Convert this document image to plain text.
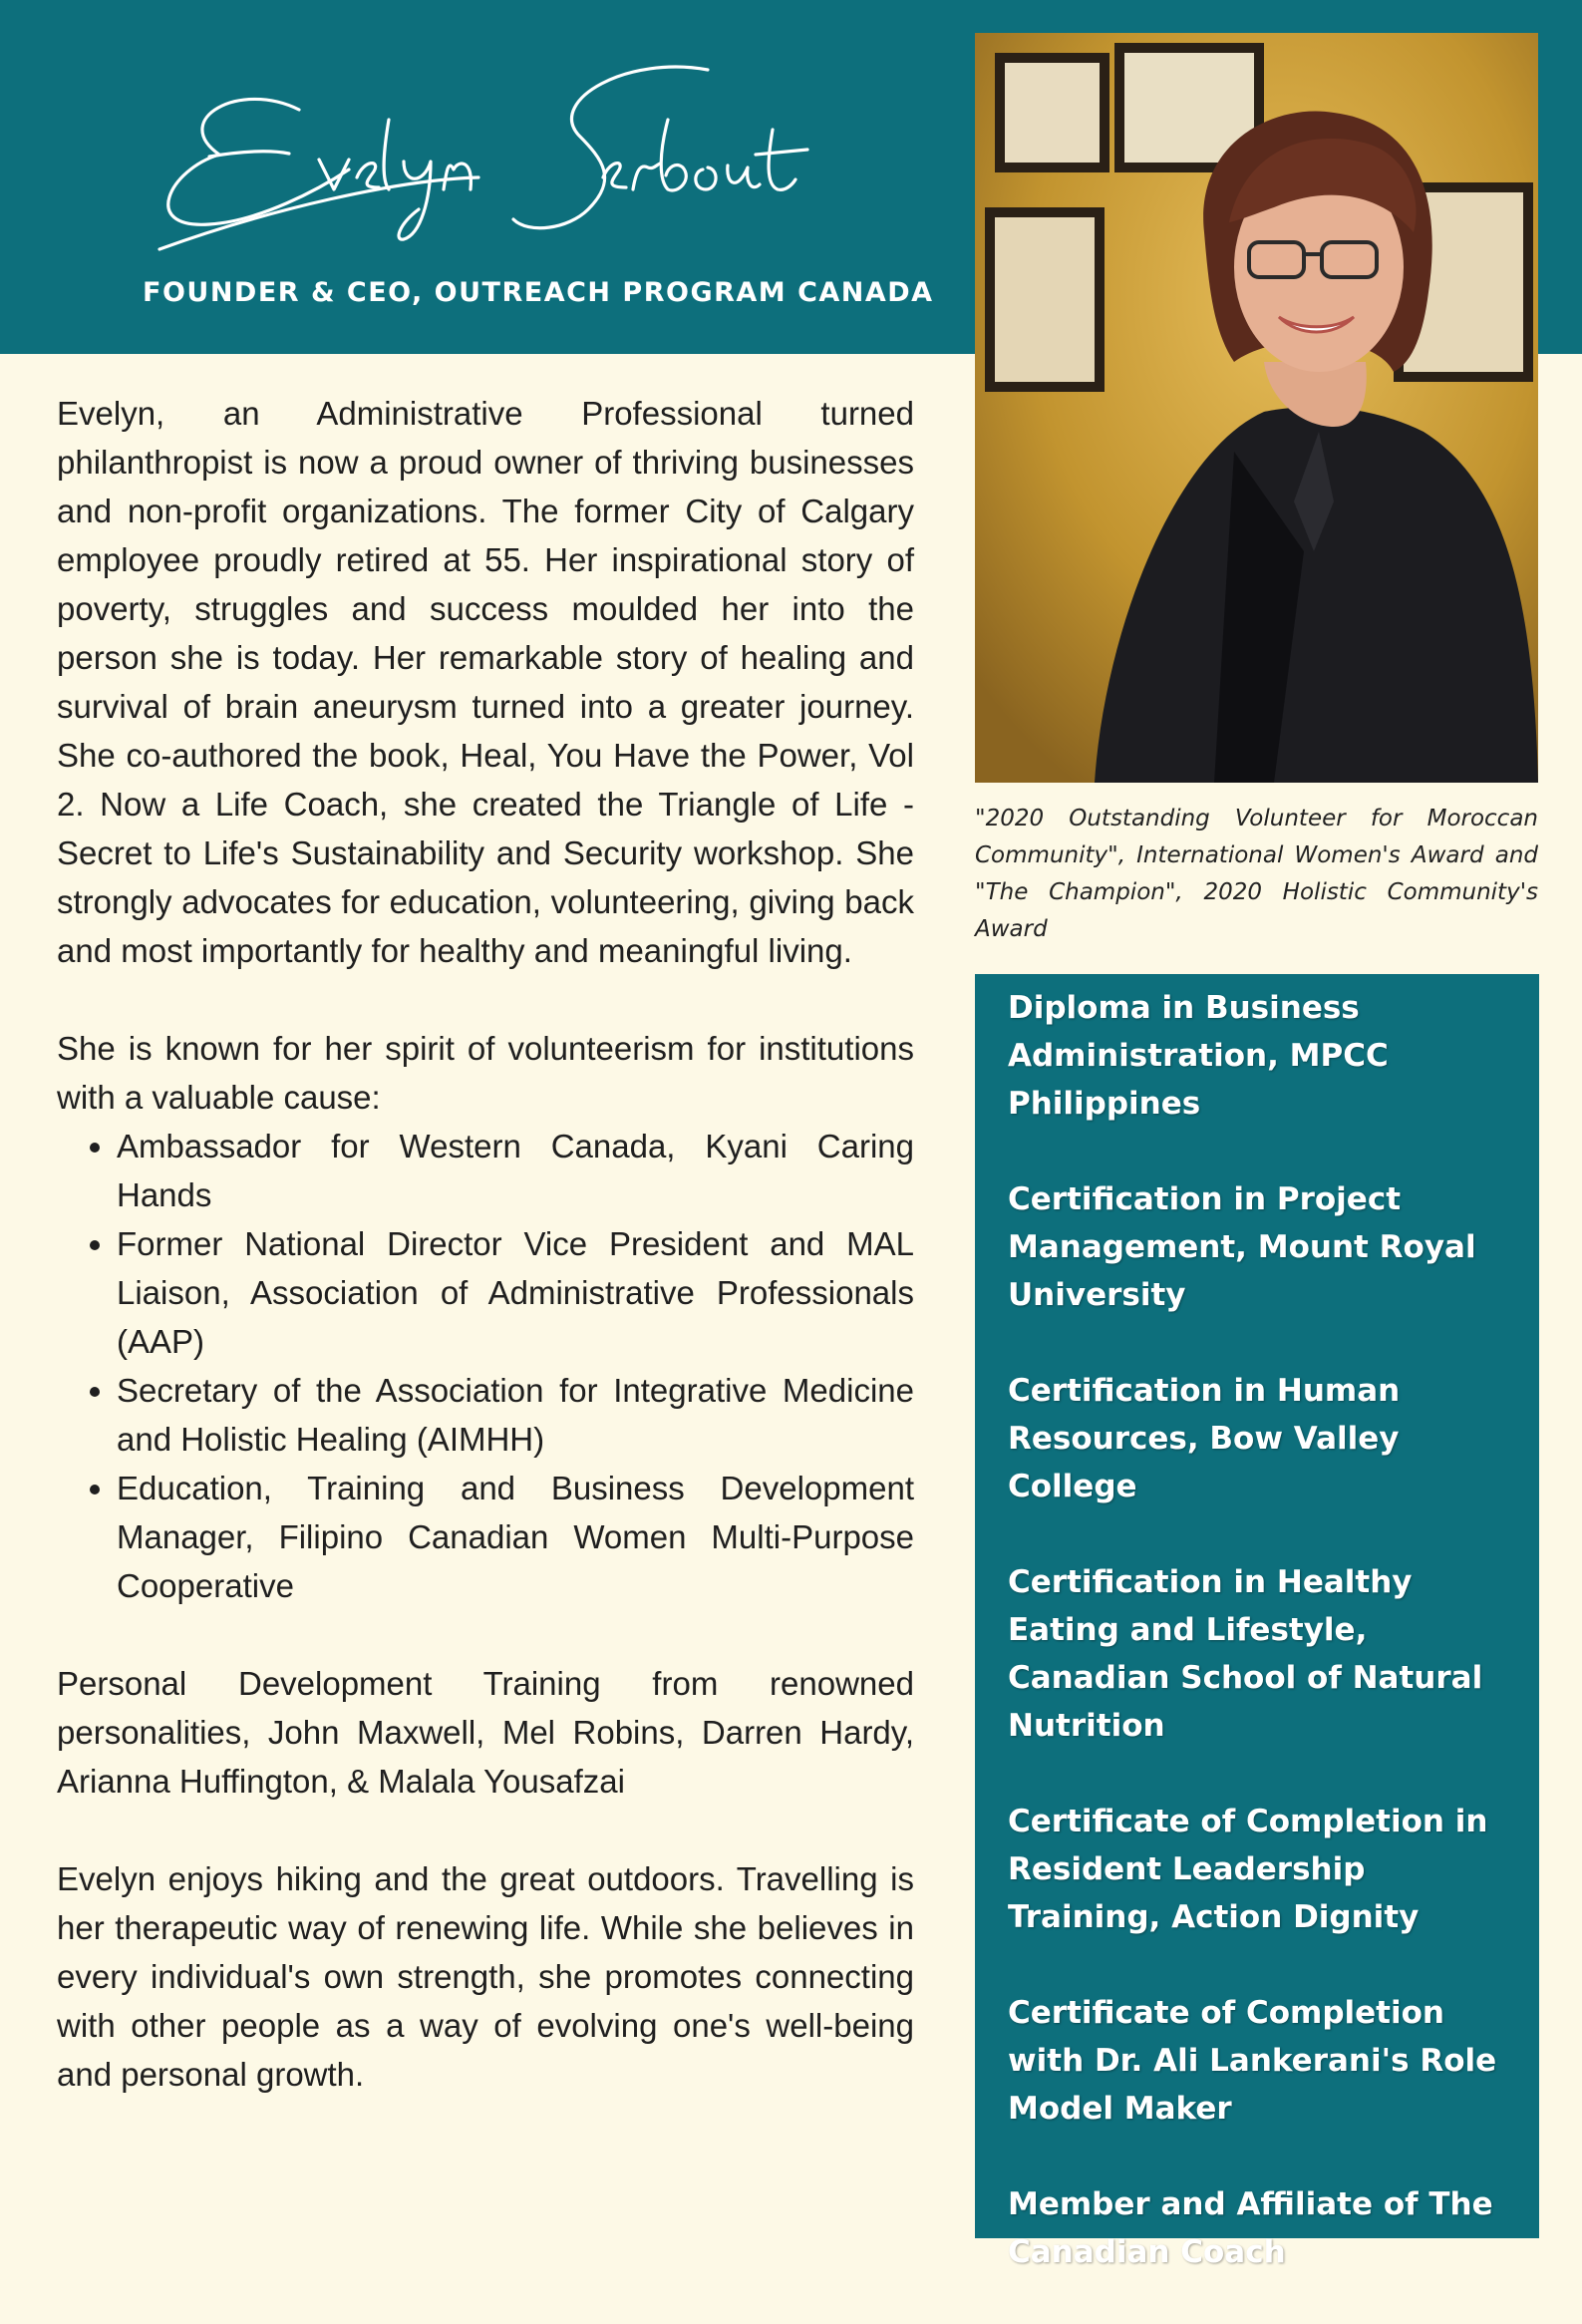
FOUNDER & CEO, OUTREACH PROGRAM CANADA
"2020 Outstanding Volunteer for Moroccan Community", International Women's Award and "The Champion", 2020 Holistic Community's Award

Evelyn, an Administrative Professional turned philanthropist is now a proud owner of thriving businesses and non-profit organizations. The former City of Calgary employee proudly retired at 55. Her inspirational story of poverty, struggles and success moulded her into the person she is today. Her remarkable story of healing and survival of brain aneurysm turned into a greater journey. She co-authored the book, Heal, You Have the Power, Vol 2. Now a Life Coach, she created the Triangle of Life - Secret to Life's Sustainability and Security workshop. She strongly advocates for education, volunteering, giving back and most importantly for healthy and meaningful living.

She is known for her spirit of volunteerism for institutions with a valuable cause:

• Ambassador for Western Canada, Kyani Caring Hands
• Former National Director Vice President and MAL Liaison, Association of Administrative Professionals (AAP)
• Secretary of the Association for Integrative Medicine and Holistic Healing (AIMHH)
• Education, Training and Business Development Manager, Filipino Canadian Women Multi-Purpose Cooperative

Personal Development Training from renowned personalities, John Maxwell, Mel Robins, Darren Hardy, Arianna Huffington, & Malala Yousafzai

Evelyn enjoys hiking and the great outdoors. Travelling is her therapeutic way of renewing life. While she believes in every individual's own strength, she promotes connecting with other people as a way of evolving one's well-being and personal growth.

Diploma in Business Administration, MPCC Philippines
Certification in Project Management, Mount Royal University
Certification in Human Resources, Bow Valley College
Certification in Healthy Eating and Lifestyle, Canadian School of Natural Nutrition
Certificate of Completion in Resident Leadership Training, Action Dignity
Certificate of Completion with Dr. Ali Lankerani's Role Model Maker
Member and Affiliate of The Canadian Coach
